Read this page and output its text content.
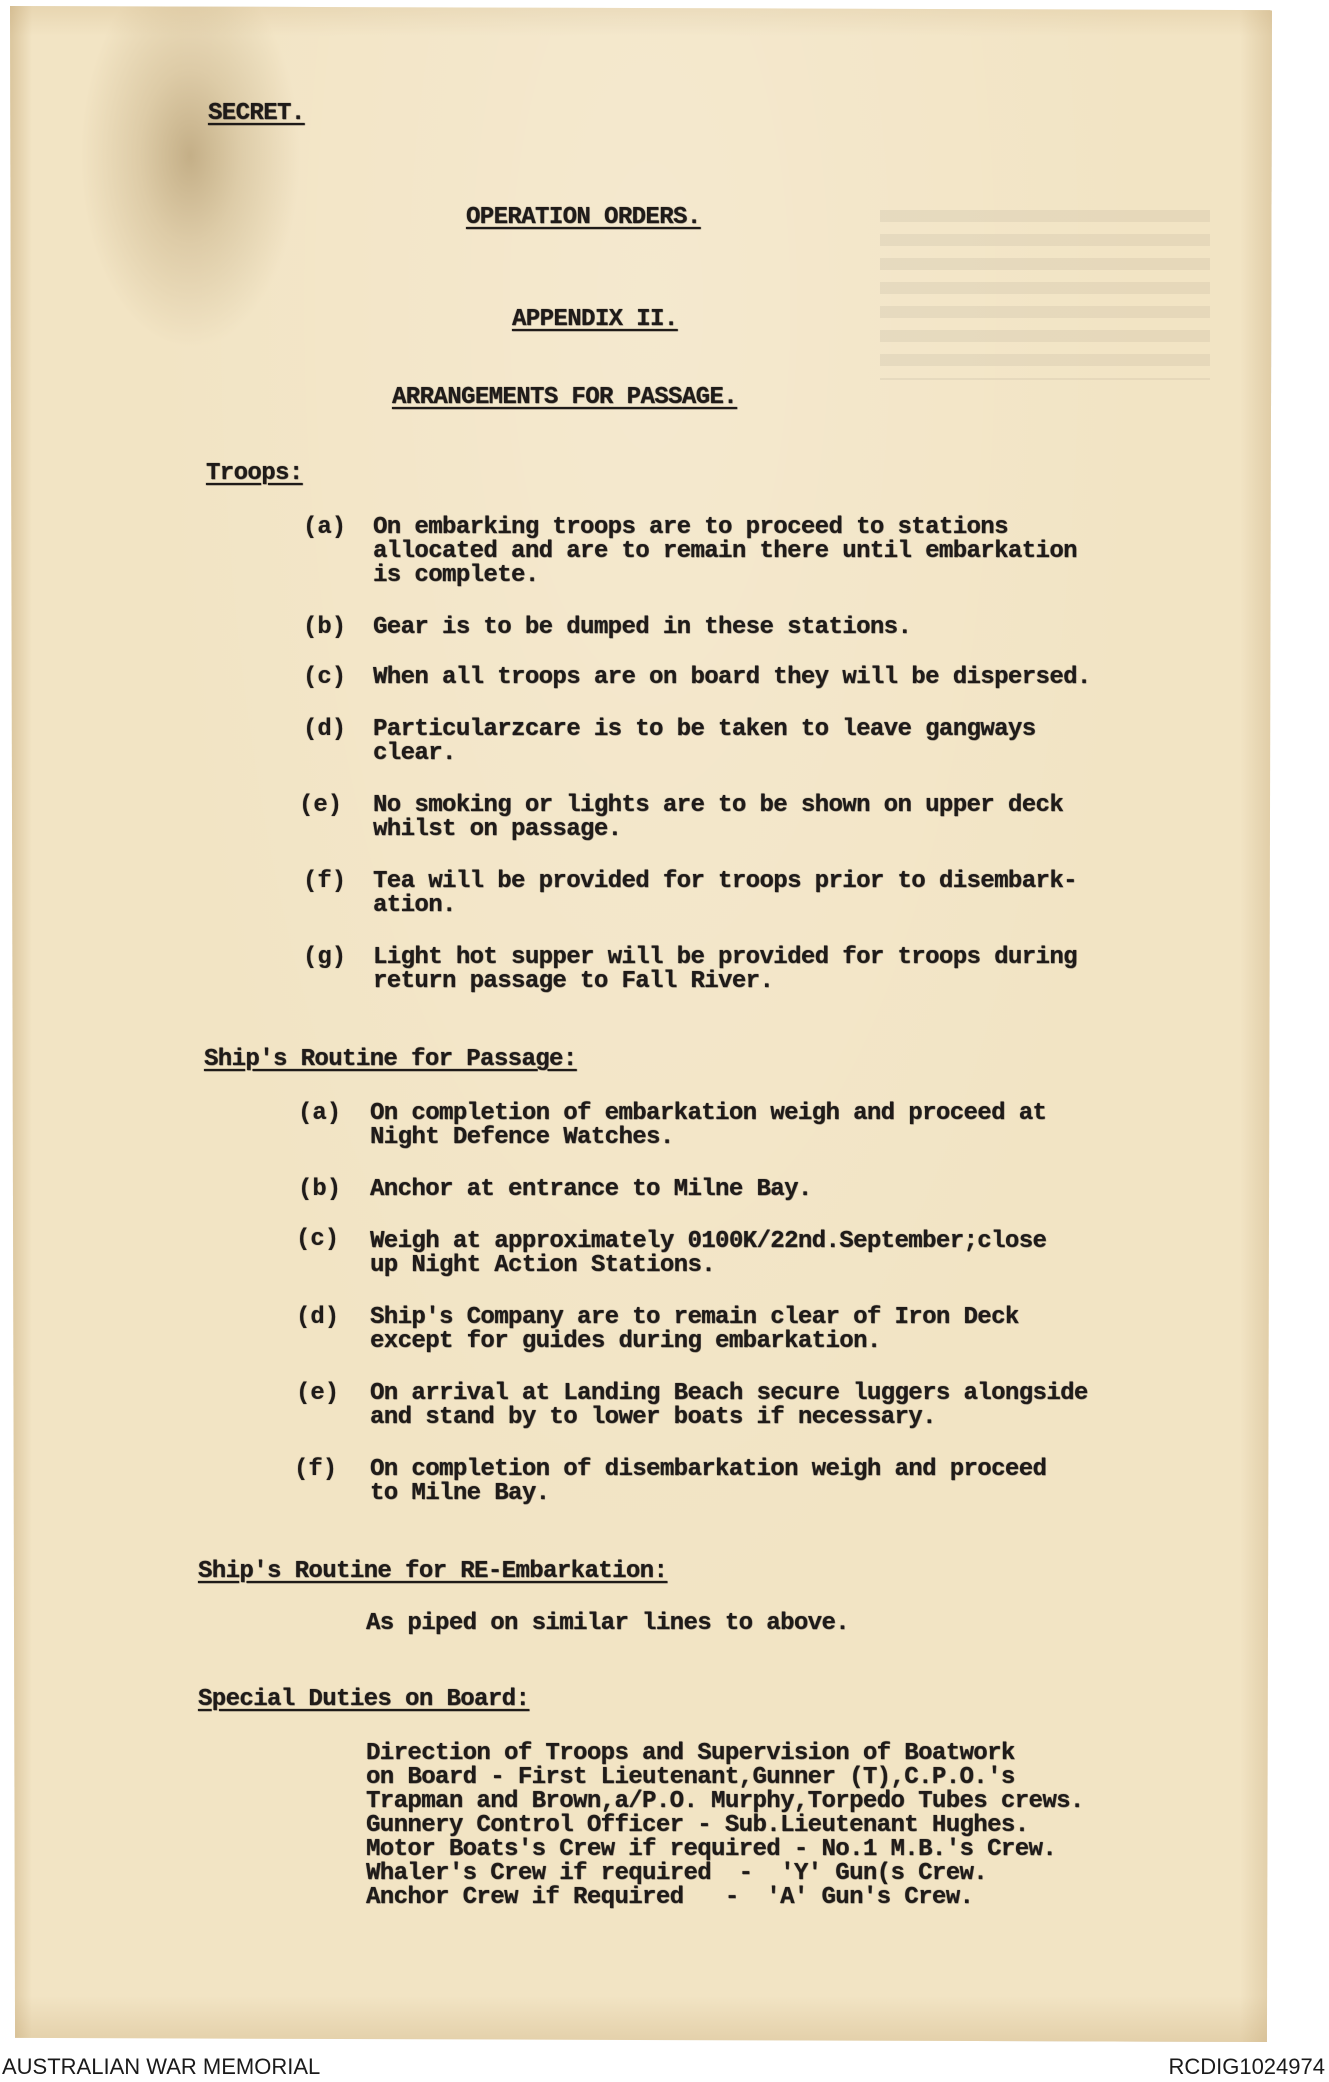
SECRET.
OPERATION ORDERS.
APPENDIX II.
ARRANGEMENTS FOR PASSAGE.
Troops:
(a) On embarking troops are to proceed to stations
allocated and are to remain there until embarkation
is complete.
(b) Gear is to be dumped in these stations.
(c) When all troops are on board they will be dispersed.
(d) Particularzcare is to be taken to leave gangways
clear.
(e) No smoking or lights are to be shown on upper deck
whilst on passage.
(f) Tea will be provided for troops prior to disembark-
ation.
(g) Light hot supper will be provided for troops during
return passage to Fall River.
Ship's Routine for Passage:
(a) On completion of embarkation weigh and proceed at
Night Defence Watches.
(b) Anchor at entrance to Milne Bay.
(c) Weigh at approximately 0100K/22nd.September;close
up Night Action Stations.
(d) Ship's Company are to remain clear of Iron Deck
except for guides during embarkation.
(e) On arrival at Landing Beach secure luggers alongside
and stand by to lower boats if necessary.
(f) On completion of disembarkation weigh and proceed
to Milne Bay.
Ship's Routine for RE-Embarkation:
As piped on similar lines to above.
Special Duties on Board:
Direction of Troops and Supervision of Boatwork
on Board - First Lieutenant,Gunner (T),C.P.O.'s
Trapman and Brown,a/P.O. Murphy,Torpedo Tubes crews.
Gunnery Control Officer - Sub.Lieutenant Hughes.
Motor Boats's Crew if required - No.1 M.B.'s Crew.
Whaler's Crew if required  -  'Y' Gun(s Crew.
Anchor Crew if Required   -  'A' Gun's Crew.
AUSTRALIAN WAR MEMORIAL	RCDIG1024974
